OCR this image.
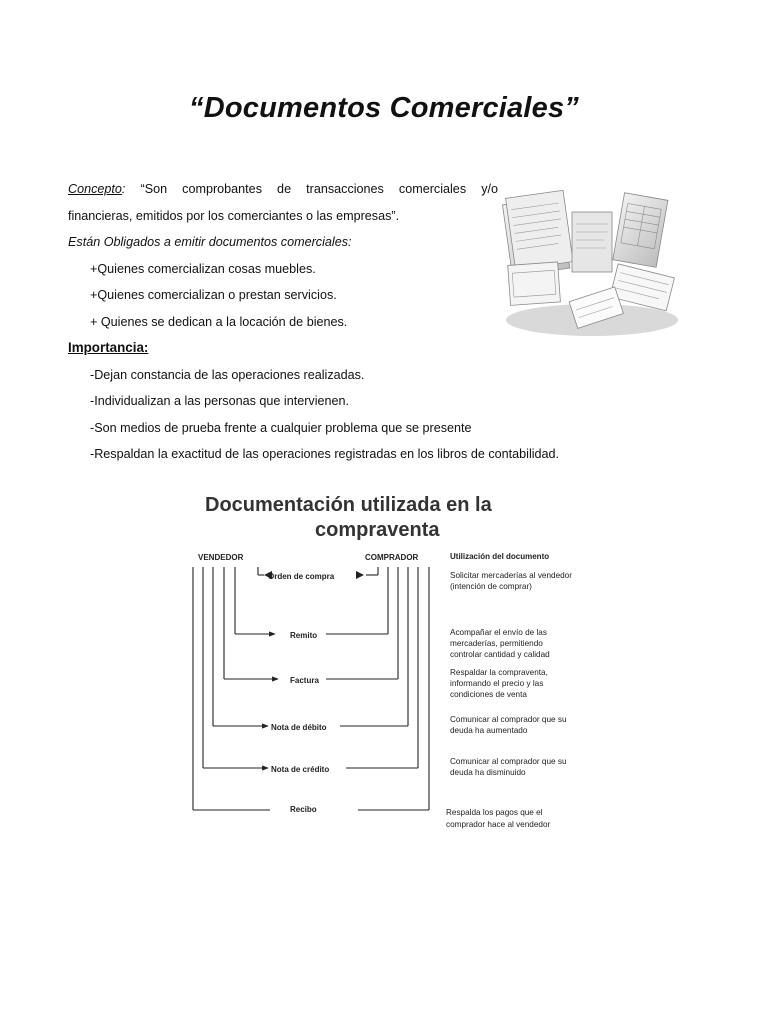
“Documentos Comerciales”
Concepto: “Son comprobantes de transacciones comerciales y/o
financieras, emitidos por los comerciantes o las empresas”.
Están Obligados a emitir documentos comerciales:
+Quienes comercializan cosas muebles.
+Quienes comercializan o prestan servicios.
+ Quienes se dedican a la locación de bienes.
Importancia:
-Dejan constancia de las operaciones realizadas.
-Individualizan a las personas que intervienen.
-Son medios de prueba frente a cualquier problema que se presente
-Respaldan la exactitud de las operaciones registradas en los libros de contabilidad.
Documentación utilizada en la
compraventa
VENDEDOR	COMPRADOR	Utilización del documento
Orden de compra
Remito
Factura
Nota de débito
Nota de crédito
Recibo
Solicitar mercaderías al vendedor
(intención de comprar)
Acompañar el envío de las
mercaderías, permitiendo
controlar cantidad y calidad
Respaldar la compraventa,
informando el precio y las
condiciones de venta
Comunicar al comprador que su
deuda ha aumentado
Comunicar al comprador que su
deuda ha disminuido
Respalda los pagos que el
comprador hace al vendedor
